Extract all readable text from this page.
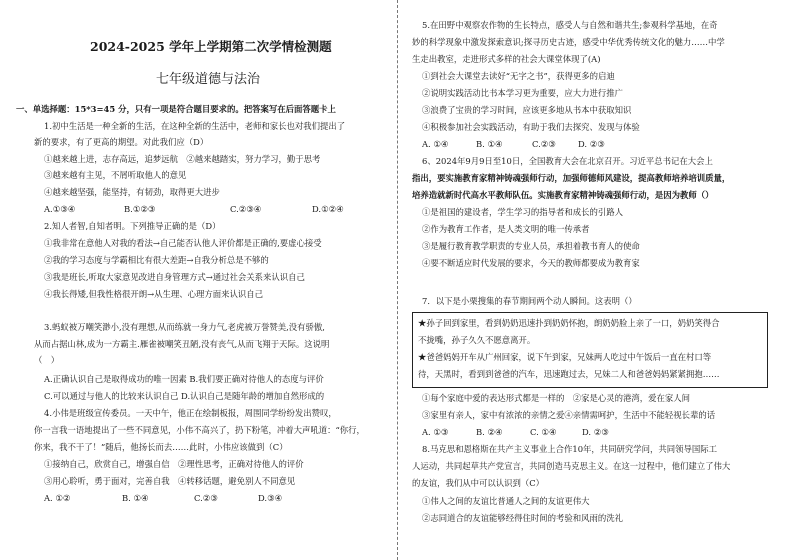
2024-2025 学年上学期第二次学情检测题
七年级道德与法治
一、单选择题：15*3=45 分，只有一项是符合题目要求的。把答案写在后面答题卡上
1.初中生活是一种全新的生活，在这种全新的生活中，老师和家长也对我们提出了
新的要求，有了更高的期望。对此我们应（D）
①越来越上进，志存高远，追梦远航　②越来越踏实，努力学习，勤于思考
③越来越有主见，不屑听取他人的意见
④越来越坚强，能坚持，有韧劲，取得更大进步
A.①③④	B.①②③	C.②③④	D.①②④
2.知人者智,自知者明。下列推导正确的是（D）
①我非常在意他人对我的看法→自己能否认他人评价都是正确的,要虚心接受
②我的学习态度与学霸相比有很大差距→自我分析总是不够的
③我是班长,听取大家意见改进自身管理方式→通过社会关系来认识自己
④我长得矮,但我性格很开朗→从生理、心理方面来认识自己
3.蚂蚁被万嘲笑渺小,没有理想,从而练就一身力气,老虎被万誉赞美,没有骄傲,
从而占据山林,成为一方霸主.雁雀被嘲笑丑陋,没有丧气,从而飞翔于天际。这说明
（　）
A.正确认识自己是取得成功的唯一因素 B.我们要正确对待他人的态度与评价
C.可以通过与他人的比较来认识自己 D.认识自己是随年龄的增加自然形成的
4.小伟是班级宣传委员。一天中午，他正在绘制板报，周围同学纷纷发出赞叹，
你一言我一语地提出了一些不同意见，小伟不高兴了，扔下粉笔，冲着大声吼道：“你行，
你来，我不干了！”随后，他扬长而去……此时，小伟应该做到（C）
①接纳自己，欣赏自己，增强自信　②理性思考，正确对待他人的评价
③用心聆听，勇于面对，完善自我　④转移话题，避免别人不同意见
A. ①②	B. ①④	C.②③	D.③④
5.在田野中观察农作物的生长特点，感受人与自然和谐共生;参观科学基地，在奇
妙的科学现象中激发探索意识;探寻历史古迹，感受中华优秀传统文化的魅力……中学
生走出教室，走进形式多样的社会大课堂体现了(A)
①到社会大课堂去读好“无字之书”，获得更多的启迪
②说明实践活动比书本学习更为重要，应大力进行推广
③浪费了宝贵的学习时间，应该更多地从书本中获取知识
④积极参加社会实践活动，有助于我们去探究、发现与体验
A. ①④	B. ①④	C.②③	D. ②③
6、2024年9月9日至10日，全国教育大会在北京召开。习近平总书记在大会上
指出，要实施教育家精神铸魂强师行动，加强师德师风建设，提高教师培养培训质量，
培养造就新时代高水平教师队伍。实施教育家精神铸魂强师行动，是因为教师（）
①是祖国的建设者，学生学习的指导者和成长的引路人
②作为教育工作者，是人类文明的唯一传承者
③是履行教育教学职责的专业人员，承担着教书育人的使命
④要不断适应时代发展的要求，今天的教师都要成为教育家
7．以下是小栗搜集的春节期间两个动人瞬间。这表明（）
★孙子回到家里，看到奶奶迅速扑到奶奶怀抱，朗奶奶脸上亲了一口，奶奶笑得合
不拢嘴，孙子久久不愿意离开。
★爸爸妈妈开车从广州回家，说下午到家，兄妹两人吃过中午饭后一直在村口等
待，天黑时，看到到爸爸的汽车，迅速跑过去，兄妹二人和爸爸妈妈紧紧拥抱……
①每个家庭中爱的表达形式都是一样的　②家是心灵的港湾，爱在家人间
③家里有亲人，家中有浓浓的亲情之爱④亲情需呵护，生活中不能轻视长辈的话
A. ①③	B. ②④	C. ①④	D. ②③
8.马克思和恩格斯在共产主义事业上合作10年，共同研究学问，共同领导国际工
人运动，共同起草共产党宣言，共同创造马克思主义。在这一过程中，他们建立了伟大
的友谊，我们从中可以认识到（C）
①伟人之间的友谊比普通人之间的友谊更伟大
②志同道合的友谊能够经得住时间的考验和风雨的洗礼
